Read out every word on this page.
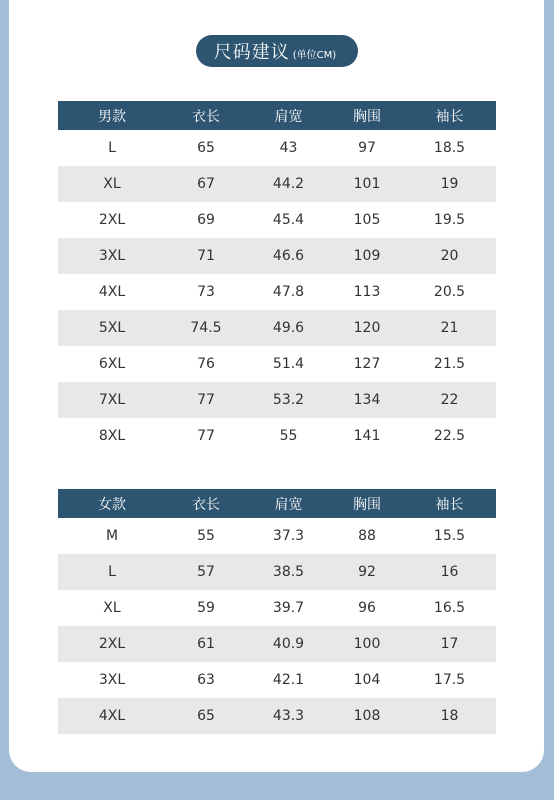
尺码建议 (单位CM)
男款	衣长	肩宽	胸围	袖长
L	65	43	97	18.5
XL	67	44.2	101	19
2XL	69	45.4	105	19.5
3XL	71	46.6	109	20
4XL	73	47.8	113	20.5
5XL	74.5	49.6	120	21
6XL	76	51.4	127	21.5
7XL	77	53.2	134	22
8XL	77	55	141	22.5
女款	衣长	肩宽	胸围	袖长
M	55	37.3	88	15.5
L	57	38.5	92	16
XL	59	39.7	96	16.5
2XL	61	40.9	100	17
3XL	63	42.1	104	17.5
4XL	65	43.3	108	18
